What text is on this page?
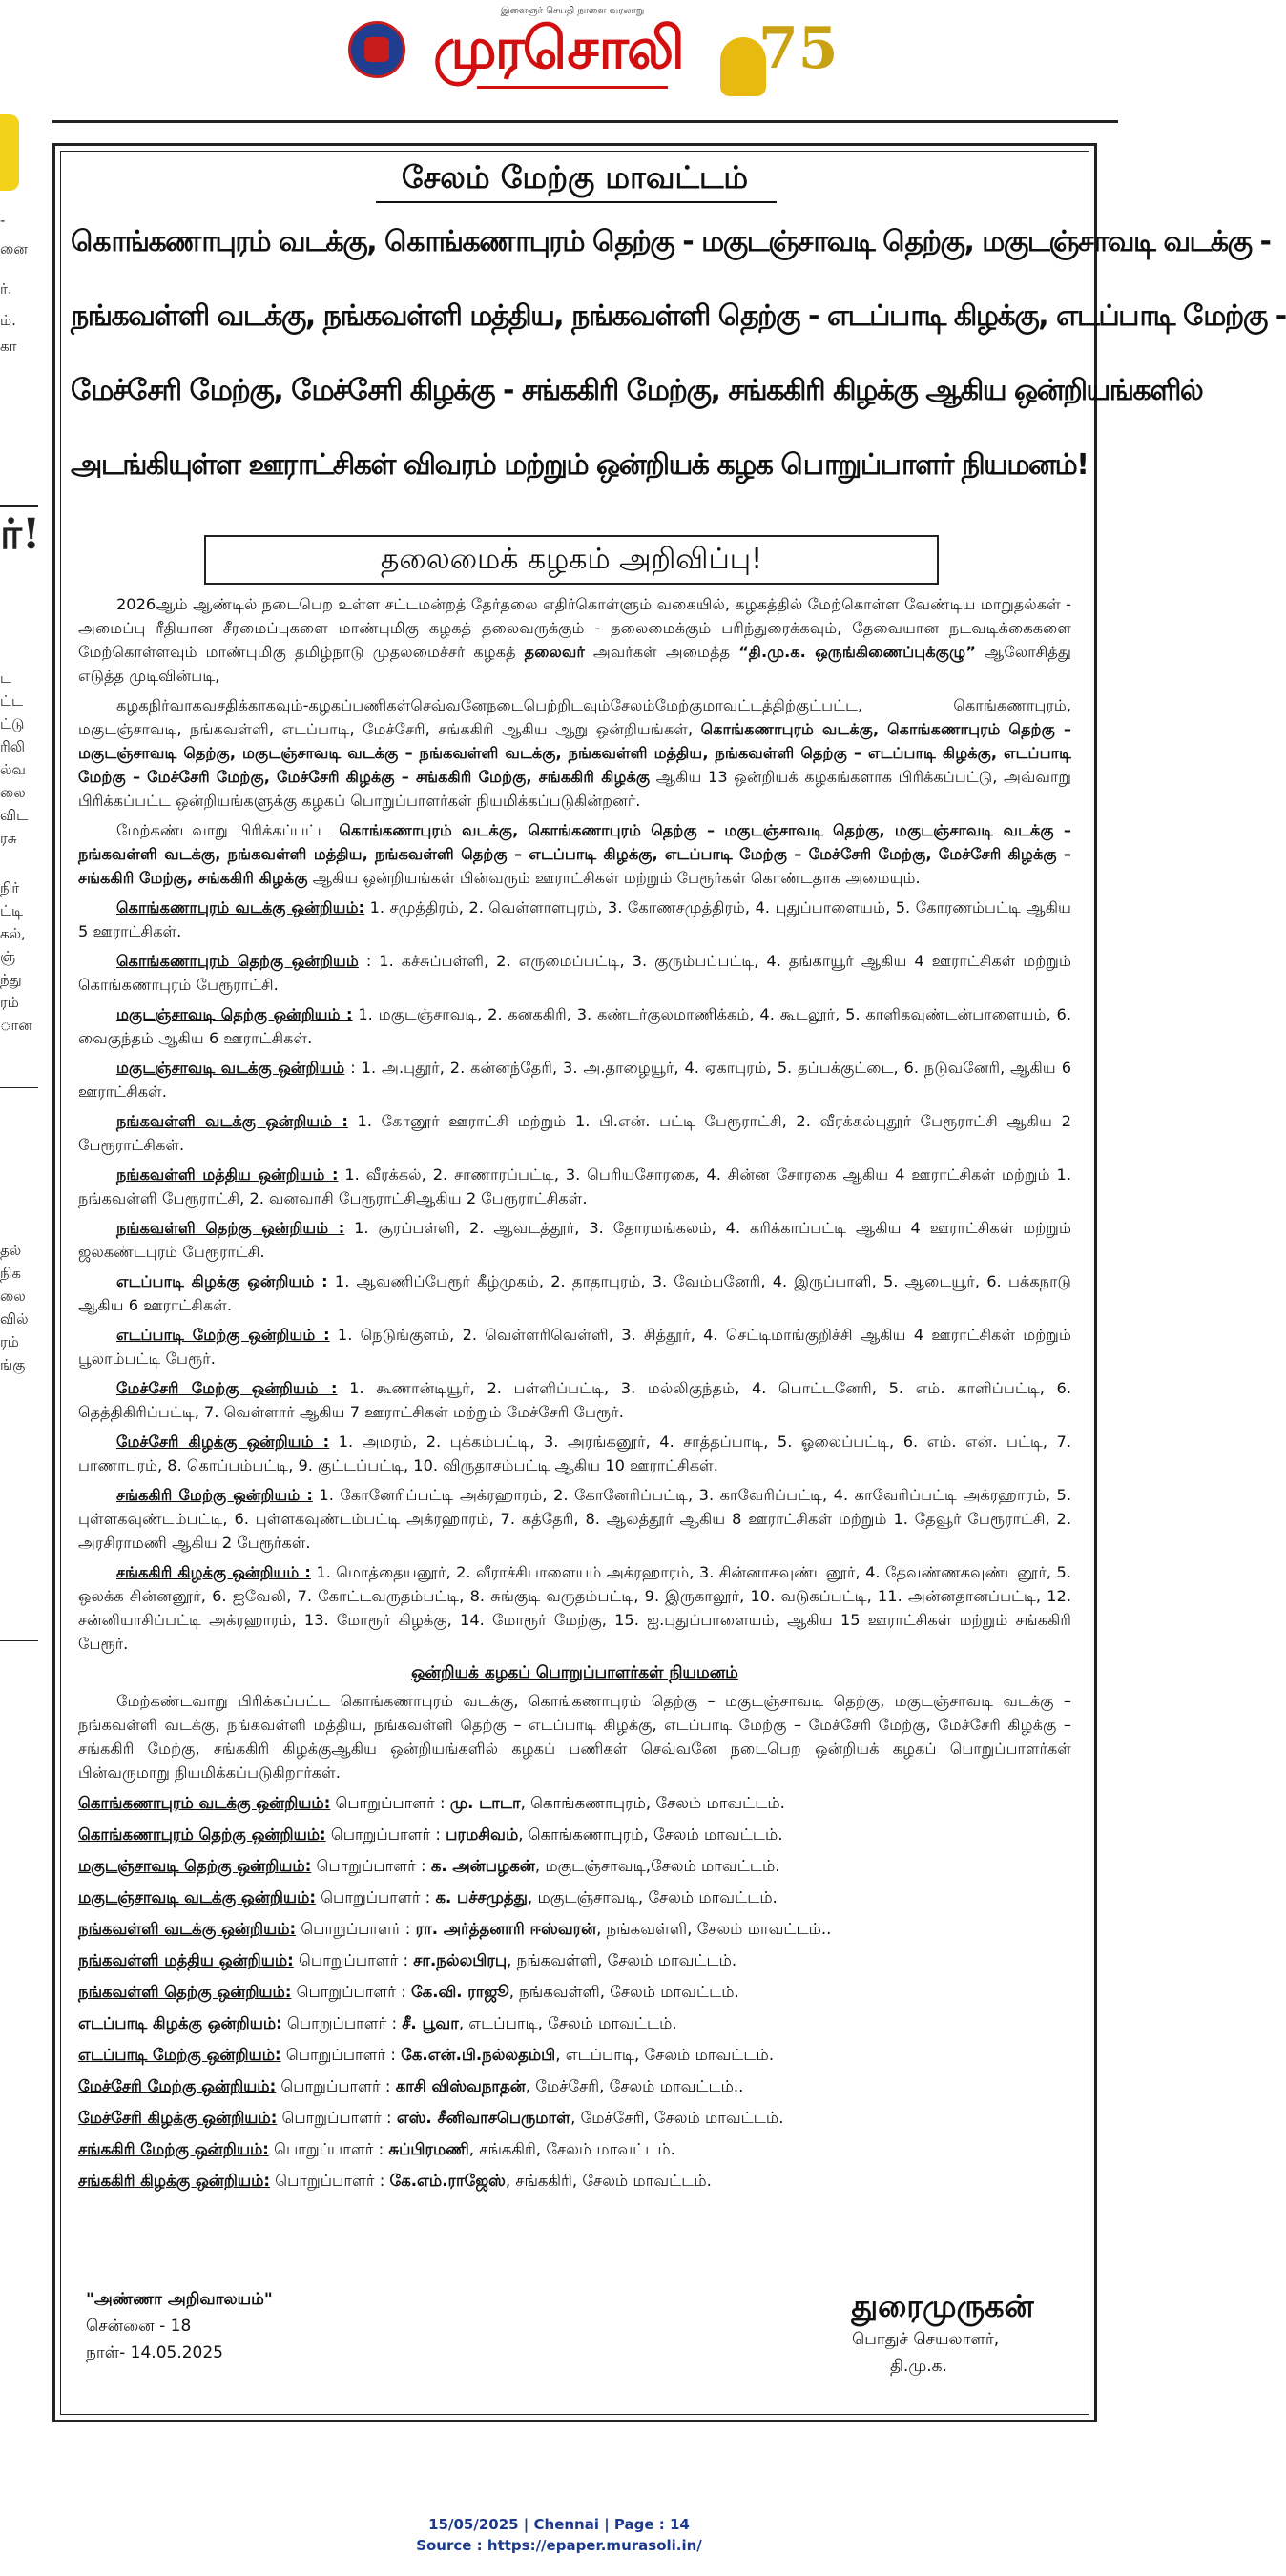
இளைஞர் செயதி நாளை வரலாறு
முரசொலி	75
-
னை
ர்.
ம்.
கா
ர்!
ட
ட்ட
ட்டு
ரிலி
ல்வ
லை
விட
ரசு
நிர்
ட்டி
கல்,
ஞ்
ந்து
ரம்
ான
தல்
நிக
லை
வில்
ரம்
ங்கு
சேலம் மேற்கு மாவட்டம்
கொங்கணாபுரம் வடக்கு, கொங்கணாபுரம் தெற்கு - மகுடஞ்சாவடி தெற்கு, மகுடஞ்சாவடி வடக்கு -
நங்கவள்ளி வடக்கு, நங்கவள்ளி மத்திய, நங்கவள்ளி தெற்கு - எடப்பாடி கிழக்கு, எடப்பாடி மேற்கு -
மேச்சேரி மேற்கு, மேச்சேரி கிழக்கு - சங்ககிரி மேற்கு, சங்ககிரி கிழக்கு ஆகிய ஒன்றியங்களில்
அடங்கியுள்ள ஊராட்சிகள் விவரம் மற்றும் ஒன்றியக் கழக பொறுப்பாளர் நியமனம்!
தலைமைக் கழகம் அறிவிப்பு!

2026ஆம் ஆண்டில் நடைபெற உள்ள சட்டமன்றத் தேர்தலை எதிர்கொள்ளும் வகையில், கழகத்தில் மேற்கொள்ள வேண்டிய மாறுதல்கள் - அமைப்பு ரீதியான சீரமைப்புகளை மாண்புமிகு கழகத் தலைவருக்கும் - தலைமைக்கும் பரிந்துரைக்கவும், தேவையான நடவடிக்கைகளை மேற்கொள்ளவும் மாண்புமிகு தமிழ்நாடு முதலமைச்சர் கழகத் தலைவர் அவர்கள் அமைத்த “தி.மு.க. ஒருங்கிணைப்புக்குழு” ஆலோசித்து எடுத்த முடிவின்படி,

கழகநிர்வாகவசதிக்காகவும்-கழகப்பணிகள்செவ்வனேநடைபெற்றிடவும்சேலம்மேற்குமாவட்டத்திற்குட்பட்ட, கொங்கணாபுரம், மகுடஞ்சாவடி, நங்கவள்ளி, எடப்பாடி, மேச்சேரி, சங்ககிரி ஆகிய ஆறு ஒன்றியங்கள், கொங்கணாபுரம் வடக்கு, கொங்கணாபுரம் தெற்கு – மகுடஞ்சாவடி தெற்கு, மகுடஞ்சாவடி வடக்கு – நங்கவள்ளி வடக்கு, நங்கவள்ளி மத்திய, நங்கவள்ளி தெற்கு – எடப்பாடி கிழக்கு, எடப்பாடி மேற்கு – மேச்சேரி மேற்கு, மேச்சேரி கிழக்கு – சங்ககிரி மேற்கு, சங்ககிரி கிழக்கு ஆகிய 13 ஒன்றியக் கழகங்களாக பிரிக்கப்பட்டு, அவ்வாறு பிரிக்கப்பட்ட ஒன்றியங்களுக்கு கழகப் பொறுப்பாளர்கள் நியமிக்கப்படுகின்றனர்.

மேற்கண்டவாறு பிரிக்கப்பட்ட கொங்கணாபுரம் வடக்கு, கொங்கணாபுரம் தெற்கு – மகுடஞ்சாவடி தெற்கு, மகுடஞ்சாவடி வடக்கு – நங்கவள்ளி வடக்கு, நங்கவள்ளி மத்திய, நங்கவள்ளி தெற்கு – எடப்பாடி கிழக்கு, எடப்பாடி மேற்கு – மேச்சேரி மேற்கு, மேச்சேரி கிழக்கு – சங்ககிரி மேற்கு, சங்ககிரி கிழக்கு ஆகிய ஒன்றியங்கள் பின்வரும் ஊராட்சிகள் மற்றும் பேரூர்கள் கொண்டதாக அமையும்.

கொங்கணாபுரம் வடக்கு ஒன்றியம்: 1. சமுத்திரம், 2. வெள்ளாளபுரம், 3. கோணசமுத்திரம், 4. புதுப்பாளையம், 5. கோரணம்பட்டி ஆகிய 5 ஊராட்சிகள்.

கொங்கணாபுரம் தெற்கு ஒன்றியம் : 1. கச்சுப்பள்ளி, 2. எருமைப்பட்டி, 3. குரும்பப்பட்டி, 4. தங்காயூர் ஆகிய 4 ஊராட்சிகள் மற்றும் கொங்கணாபுரம் பேரூராட்சி.

மகுடஞ்சாவடி தெற்கு ஒன்றியம் : 1. மகுடஞ்சாவடி, 2. கனககிரி, 3. கண்டர்குலமாணிக்கம், 4. கூடலூர், 5. காளிகவுண்டன்பாளையம், 6. வைகுந்தம் ஆகிய 6 ஊராட்சிகள்.

மகுடஞ்சாவடி வடக்கு ஒன்றியம் : 1. அ.புதூர், 2. கன்னந்தேரி, 3. அ.தாழையூர், 4. ஏகாபுரம், 5. தப்பக்குட்டை, 6. நடுவனேரி, ஆகிய 6 ஊராட்சிகள்.

நங்கவள்ளி வடக்கு ஒன்றியம் : 1. கோனூர் ஊராட்சி மற்றும் 1. பி.என். பட்டி பேரூராட்சி, 2. வீரக்கல்புதூர் பேரூராட்சி ஆகிய 2 பேரூராட்சிகள்.

நங்கவள்ளி மத்திய ஒன்றியம் : 1. வீரக்கல், 2. சாணாரப்பட்டி, 3. பெரியசோரகை, 4. சின்ன சோரகை ஆகிய 4 ஊராட்சிகள் மற்றும் 1. நங்கவள்ளி பேரூராட்சி, 2. வனவாசி பேரூராட்சிஆகிய 2 பேரூராட்சிகள்.

நங்கவள்ளி தெற்கு ஒன்றியம் : 1. சூரப்பள்ளி, 2. ஆவடத்தூர், 3. தோரமங்கலம், 4. கரிக்காப்பட்டி ஆகிய 4 ஊராட்சிகள் மற்றும் ஜலகண்டபுரம் பேரூராட்சி.

எடப்பாடி கிழக்கு ஒன்றியம் : 1. ஆவணிப்பேரூர் கீழ்முகம், 2. தாதாபுரம், 3. வேம்பனேரி, 4. இருப்பாளி, 5. ஆடையூர், 6. பக்கநாடு ஆகிய 6 ஊராட்சிகள்.

எடப்பாடி மேற்கு ஒன்றியம் : 1. நெடுங்குளம், 2. வெள்ளரிவெள்ளி, 3. சித்தூர், 4. செட்டிமாங்குறிச்சி ஆகிய 4 ஊராட்சிகள் மற்றும் பூலாம்பட்டி பேரூர்.

மேச்சேரி மேற்கு ஒன்றியம் : 1. கூணான்டியூர், 2. பள்ளிப்பட்டி, 3. மல்லிகுந்தம், 4. பொட்டனேரி, 5. எம். காளிப்பட்டி, 6. தெத்திகிரிப்பட்டி, 7. வெள்ளார் ஆகிய 7 ஊராட்சிகள் மற்றும் மேச்சேரி பேரூர்.

மேச்சேரி கிழக்கு ஒன்றியம் : 1. அமரம், 2. புக்கம்பட்டி, 3. அரங்கனூர், 4. சாத்தப்பாடி, 5. ஓலைப்பட்டி, 6. எம். என். பட்டி, 7. பாணாபுரம், 8. கொப்பம்பட்டி, 9. குட்டப்பட்டி, 10. விருதாசம்பட்டி ஆகிய 10 ஊராட்சிகள்.

சங்ககிரி மேற்கு ஒன்றியம் : 1. கோனேரிப்பட்டி அக்ரஹாரம், 2. கோனேரிப்பட்டி, 3. காவேரிப்பட்டி, 4. காவேரிப்பட்டி அக்ரஹாரம், 5. புள்ளகவுண்டம்பட்டி, 6. புள்ளகவுண்டம்பட்டி அக்ரஹாரம், 7. கத்தேரி, 8. ஆலத்தூர் ஆகிய 8 ஊராட்சிகள் மற்றும் 1. தேவூர் பேரூராட்சி, 2. அரசிராமணி ஆகிய 2 பேரூர்கள்.

சங்ககிரி கிழக்கு ஒன்றியம் : 1. மொத்தையனூர், 2. வீராச்சிபாளையம் அக்ரஹாரம், 3. சின்னாகவுண்டனூர், 4. தேவண்ணகவுண்டனூர், 5. ஒலக்க சின்னனூர், 6. ஐவேலி, 7. கோட்டவருதம்பட்டி, 8. சுங்குடி வருதம்பட்டி, 9. இருகாலூர், 10. வடுகப்பட்டி, 11. அன்னதானப்பட்டி, 12. சன்னியாசிப்பட்டி அக்ரஹாரம், 13. மோரூர் கிழக்கு, 14. மோரூர் மேற்கு, 15. ஐ.புதுப்பாளையம், ஆகிய 15 ஊராட்சிகள் மற்றும் சங்ககிரி பேரூர்.

ஒன்றியக் கழகப் பொறுப்பாளர்கள் நியமனம்

மேற்கண்டவாறு பிரிக்கப்பட்ட கொங்கணாபுரம் வடக்கு, கொங்கணாபுரம் தெற்கு – மகுடஞ்சாவடி தெற்கு, மகுடஞ்சாவடி வடக்கு – நங்கவள்ளி வடக்கு, நங்கவள்ளி மத்திய, நங்கவள்ளி தெற்கு – எடப்பாடி கிழக்கு, எடப்பாடி மேற்கு – மேச்சேரி மேற்கு, மேச்சேரி கிழக்கு – சங்ககிரி மேற்கு, சங்ககிரி கிழக்குஆகிய ஒன்றியங்களில் கழகப் பணிகள் செவ்வனே நடைபெற ஒன்றியக் கழகப் பொறுப்பாளர்கள் பின்வருமாறு நியமிக்கப்படுகிறார்கள்.

கொங்கணாபுரம் வடக்கு ஒன்றியம்: பொறுப்பாளர் : மு. டாடா, கொங்கணாபுரம், சேலம் மாவட்டம்.

கொங்கணாபுரம் தெற்கு ஒன்றியம்: பொறுப்பாளர் : பரமசிவம், கொங்கணாபுரம், சேலம் மாவட்டம்.

மகுடஞ்சாவடி தெற்கு ஒன்றியம்: பொறுப்பாளர் : க. அன்பழகன், மகுடஞ்சாவடி,சேலம் மாவட்டம்.

மகுடஞ்சாவடி வடக்கு ஒன்றியம்: பொறுப்பாளர் : க. பச்சமுத்து, மகுடஞ்சாவடி, சேலம் மாவட்டம்.

நங்கவள்ளி வடக்கு ஒன்றியம்: பொறுப்பாளர் : ரா. அர்த்தனாரி ஈஸ்வரன், நங்கவள்ளி, சேலம் மாவட்டம்..

நங்கவள்ளி மத்திய ஒன்றியம்: பொறுப்பாளர் : சா.நல்லபிரபு, நங்கவள்ளி, சேலம் மாவட்டம்.

நங்கவள்ளி தெற்கு ஒன்றியம்: பொறுப்பாளர் : கே.வி. ராஜூ, நங்கவள்ளி, சேலம் மாவட்டம்.

எடப்பாடி கிழக்கு ஒன்றியம்: பொறுப்பாளர் : சீ. பூவா, எடப்பாடி, சேலம் மாவட்டம்.

எடப்பாடி மேற்கு ஒன்றியம்: பொறுப்பாளர் : கே.என்.பி.நல்லதம்பி, எடப்பாடி, சேலம் மாவட்டம்.

மேச்சேரி மேற்கு ஒன்றியம்: பொறுப்பாளர் : காசி விஸ்வநாதன், மேச்சேரி, சேலம் மாவட்டம்..

மேச்சேரி கிழக்கு ஒன்றியம்: பொறுப்பாளர் : எஸ். சீனிவாசபெருமாள், மேச்சேரி, சேலம் மாவட்டம்.

சங்ககிரி மேற்கு ஒன்றியம்: பொறுப்பாளர் : சுப்பிரமணி, சங்ககிரி, சேலம் மாவட்டம்.

சங்ககிரி கிழக்கு ஒன்றியம்: பொறுப்பாளர் : கே.எம்.ராஜேஸ், சங்ககிரி, சேலம் மாவட்டம்.

"அண்ணா அறிவாலயம்"
சென்னை - 18
நாள்- 14.05.2025
துரைமுருகன்
பொதுச் செயலாளர்,
தி.மு.க.
15/05/2025 | Chennai | Page : 14
Source : https://epaper.murasoli.in/
